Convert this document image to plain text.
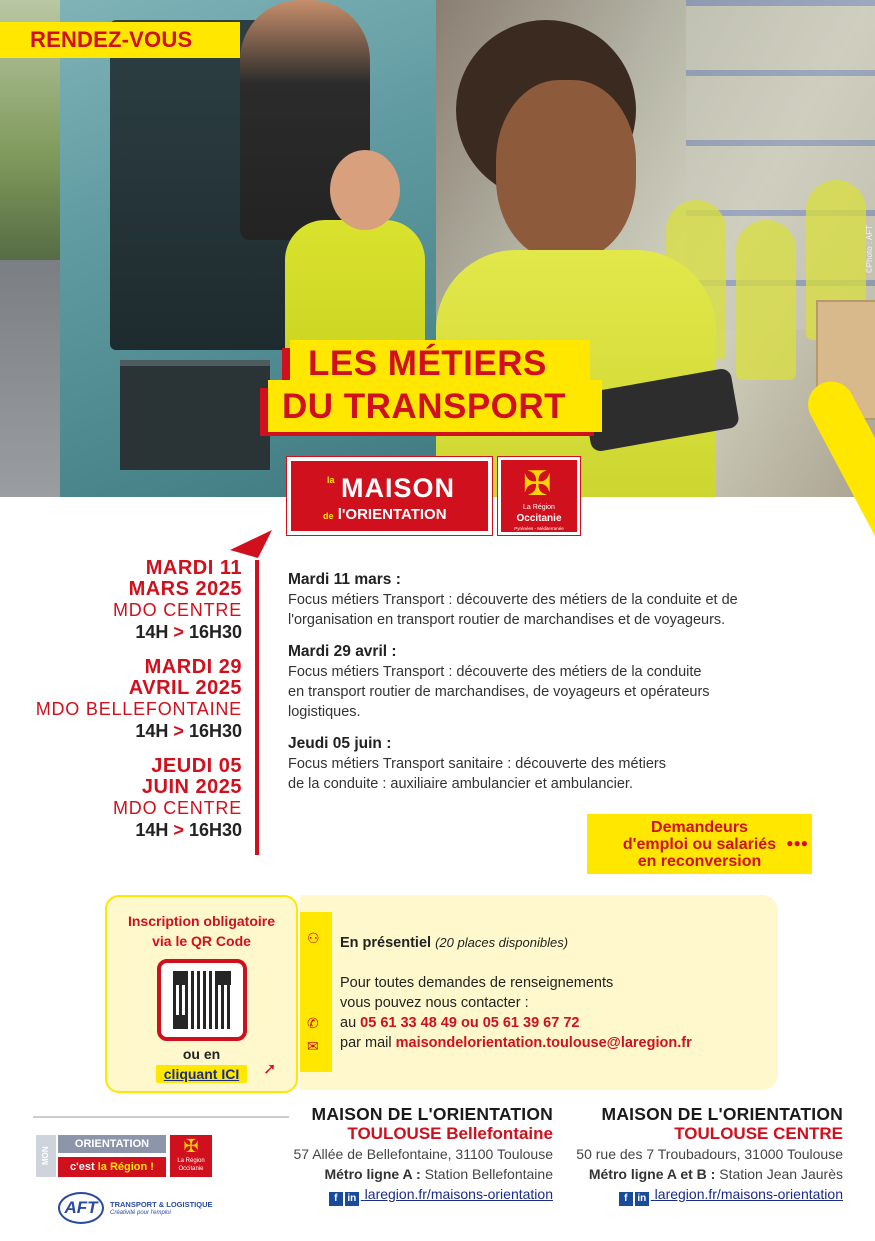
©Photo : AFT
RENDEZ-VOUS
LES MÉTIERS
DU TRANSPORT
la MAISON
de l'ORIENTATION
✠
La Région
Occitanie
Pyrénées - Méditerranée
MARDI 11
MARS 2025
MDO CENTRE
14H > 16H30
MARDI 29
AVRIL 2025
MDO BELLEFONTAINE
14H > 16H30
JEUDI 05
JUIN 2025
MDO CENTRE
14H > 16H30
Mardi 11 mars :
Focus métiers Transport : découverte des métiers de la conduite et de
l'organisation en transport routier de marchandises et de voyageurs.
Mardi 29 avril :
Focus métiers Transport : découverte des métiers de la conduite
en transport routier de marchandises, de voyageurs et opérateurs
logistiques.
Jeudi 05 juin :
Focus métiers Transport sanitaire : découverte des métiers
de la conduite : auxiliaire ambulancier et ambulancier.
Demandeurs
d'emploi ou salariés
en reconversion
●●●
⚇
✆
✉
En présentiel (20 places disponibles)
Pour toutes demandes de renseignements
vous pouvez nous contacter :
au 05 61 33 48 49 ou 05 61 39 67 72
par mail maisondelorientation.toulouse@laregion.fr
Inscription obligatoire
via le QR Code
ou en
cliquant ICI ➚
MON
ORIENTATION
c'est la Région !
✠
La Région Occitanie
AFT	TRANSPORT & LOGISTIQUE
Créativité pour l'emploi
MAISON DE L'ORIENTATION
TOULOUSE Bellefontaine
57 Allée de Bellefontaine, 31100 Toulouse
Métro ligne A : Station Bellefontaine
f in laregion.fr/maisons-orientation
MAISON DE L'ORIENTATION
TOULOUSE CENTRE
50 rue des 7 Troubadours, 31000 Toulouse
Métro ligne A et B : Station Jean Jaurès
f in laregion.fr/maisons-orientation
